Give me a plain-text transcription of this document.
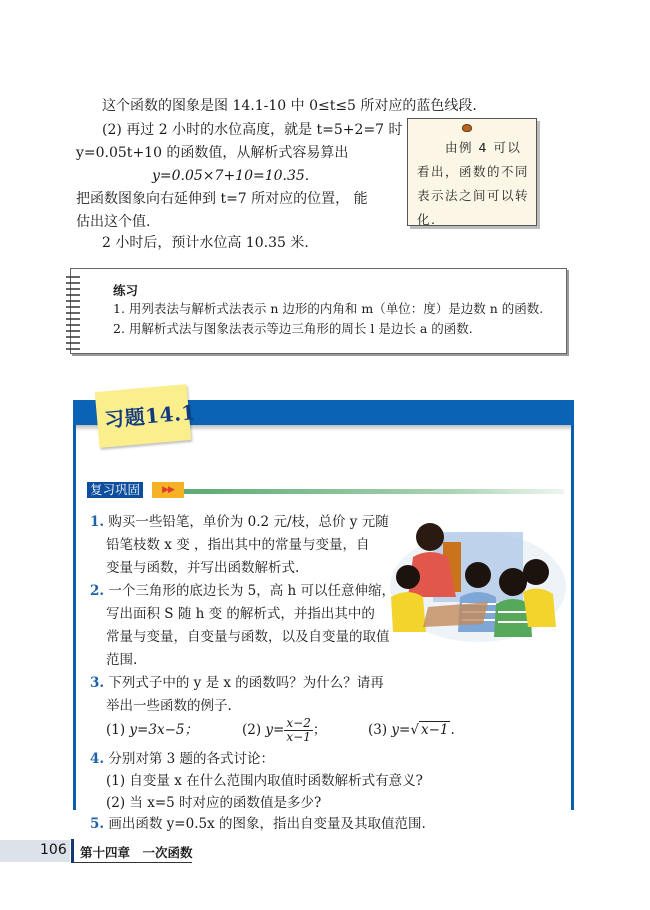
这个函数的图象是图 14.1-10 中 0≤t≤5 所对应的蓝色线段.
(2) 再过 2 小时的水位高度，就是 t=5+2=7 时
y=0.05t+10 的函数值，从解析式容易算出
y=0.05×7+10=10.35.
把函数图象向右延伸到 t=7 所对应的位置， 能
估出这个值.
2 小时后，预计水位高 10.35 米.
　　由例 4 可以看出，函数的不同表示法之间可以转化.
练习
1. 用列表法与解析式法表示 n 边形的内角和 m（单位：度）是边数 n 的函数.
2. 用解析式法与图象法表示等边三角形的周长 l 是边长 a 的函数.
习题14.1
复习巩固	▶▶
1. 购买一些铅笔，单价为 0.2 元/枝，总价 y 元随
铅笔枝数 x 变 ，指出其中的常量与变量，自
变量与函数，并写出函数解析式.
2. 一个三角形的底边长为 5，高 h 可以任意伸缩，
写出面积 S 随 h 变 的解析式，并指出其中的
常量与变量，自变量与函数，以及自变量的取值
范围.
3. 下列式子中的 y 是 x 的函数吗？为什么？请再
举出一些函数的例子.
(1) y=3x−5；	(2) $y= \frac{x-2}{x-1}$ ；	(3) y=√ x−1 .
4. 分别对第 3 题的各式讨论：
(1) 自变量 x 在什么范围内取值时函数解析式有意义?
(2) 当 x=5 时对应的函数值是多少?
5. 画出函数 y=0.5x 的图象，指出自变量及其取值范围.
106 第十四章　一次函数
